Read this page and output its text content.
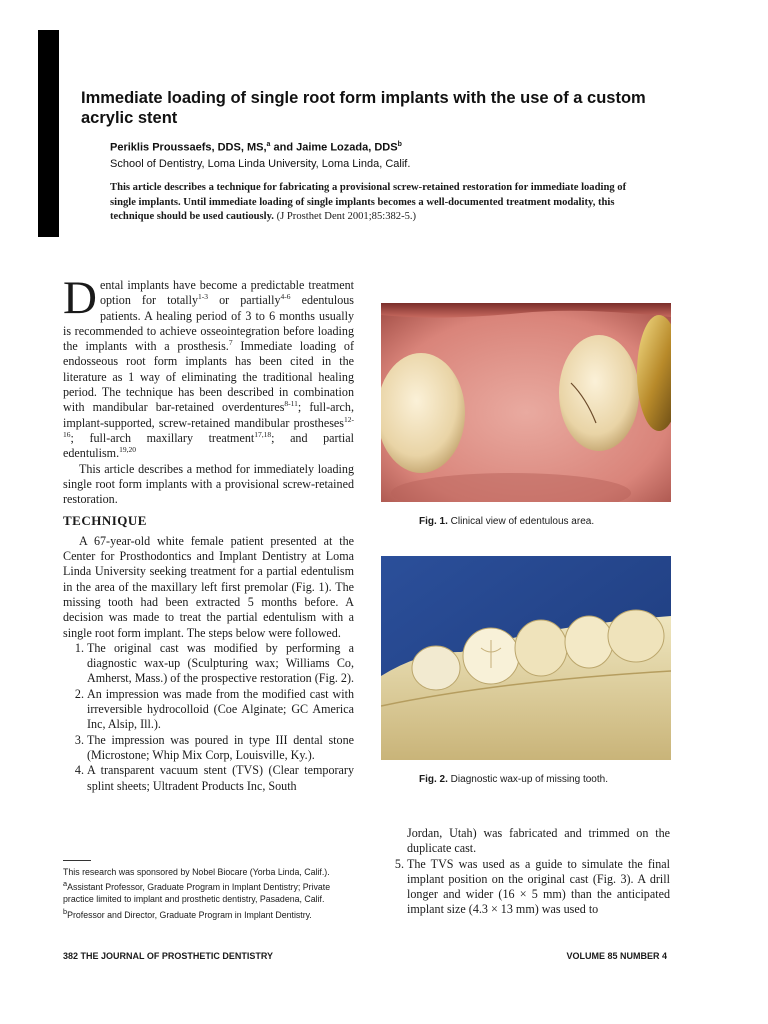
Immediate loading of single root form implants with the use of a custom acrylic stent
Periklis Proussaefs, DDS, MS,$^a$ and Jaime Lozada, DDS$^b$
School of Dentistry, Loma Linda University, Loma Linda, Calif.
This article describes a technique for fabricating a provisional screw-retained restoration for immediate loading of single implants. Until immediate loading of single implants becomes a well-documented treatment modality, this technique should be used cautiously. (J Prosthet Dent 2001;85:382-5.)

Dental implants have become a predictable treatment option for totally$^{1-3}$ or partially$^{4-6}$ edentulous patients. A healing period of 3 to 6 months usually is recommended to achieve osseointegration before loading the implants with a prosthesis.$^7$ Immediate loading of endosseous root form implants has been cited in the literature as 1 way of eliminating the traditional healing period. The technique has been described in combination with mandibular bar-retained overdentures$^{8-11}$; full-arch, implant-supported, screw-retained mandibular prostheses$^{12-16}$; full-arch maxillary treatment$^{17,18}$; and partial edentulism.$^{19,20}$

This article describes a method for immediately loading single root form implants with a provisional screw-retained restoration.

TECHNIQUE

A 67-year-old white female patient presented at the Center for Prosthodontics and Implant Dentistry at Loma Linda University seeking treatment for a partial edentulism in the area of the maxillary left first premolar (Fig. 1). The missing tooth had been extracted 5 months before. A decision was made to treat the partial edentulism with a single root form implant. The steps below were followed.

1. The original cast was modified by performing a diagnostic wax-up (Sculpturing wax; Williams Co, Amherst, Mass.) of the prospective restoration (Fig. 2).
2. An impression was made from the modified cast with irreversible hydrocolloid (Coe Alginate; GC America Inc, Alsip, Ill.).
3. The impression was poured in type III dental stone (Microstone; Whip Mix Corp, Louisville, Ky.).
4. A transparent vacuum stent (TVS) (Clear temporary splint sheets; Ultradent Products Inc, South

This research was sponsored by Nobel Biocare (Yorba Linda, Calif.).

$^a$Assistant Professor, Graduate Program in Implant Dentistry; Private practice limited to implant and prosthetic dentistry, Pasadena, Calif.

$^b$Professor and Director, Graduate Program in Implant Dentistry.

Fig. 1. Clinical view of edentulous area.
Fig. 2. Diagnostic wax-up of missing tooth.

Jordan, Utah) was fabricated and trimmed on the duplicate cast.

5. The TVS was used as a guide to simulate the final implant position on the original cast (Fig. 3). A drill longer and wider (16 × 5 mm) than the anticipated implant size (4.3 × 13 mm) was used to
382 THE JOURNAL OF PROSTHETIC DENTISTRY	VOLUME 85 NUMBER 4
